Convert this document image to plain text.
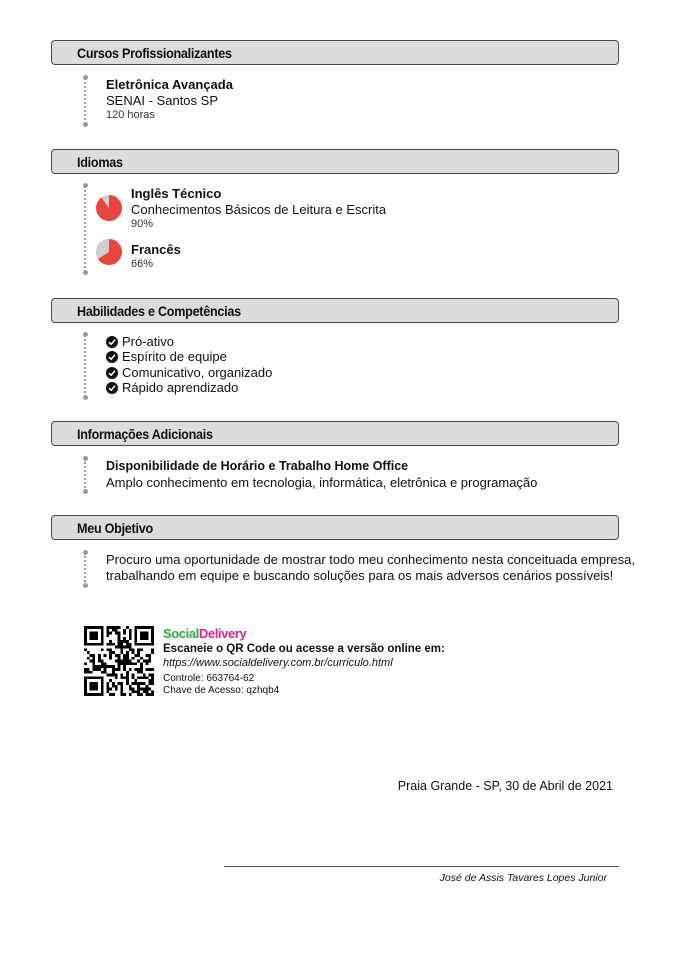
Cursos Profissionalizantes
Eletrônica Avançada
SENAI - Santos SP
120 horas
Idiomas
Inglês Técnico
Conhecimentos Básicos de Leitura e Escrita
90%
Francês
66%
Habilidades e Competências
Pró-ativo
Espírito de equipe
Comunicativo, organizado
Rápido aprendizado
Informações Adicionais
Disponibilidade de Horário e Trabalho Home Office
Amplo conhecimento em tecnologia, informática, eletrônica e programação
Meu Objetivo
Procuro uma oportunidade de mostrar todo meu conhecimento nesta conceituada empresa,
trabalhando em equipe e buscando soluções para os mais adversos cenários possíveis!
SocialDelivery
Escaneie o QR Code ou acesse a versão online em:
https://www.socialdelivery.com.br/curriculo.html
Controle: 663764-62
Chave de Acesso: qzhqb4
Praia Grande - SP, 30 de Abril de 2021
José de Assis Tavares Lopes Junior
